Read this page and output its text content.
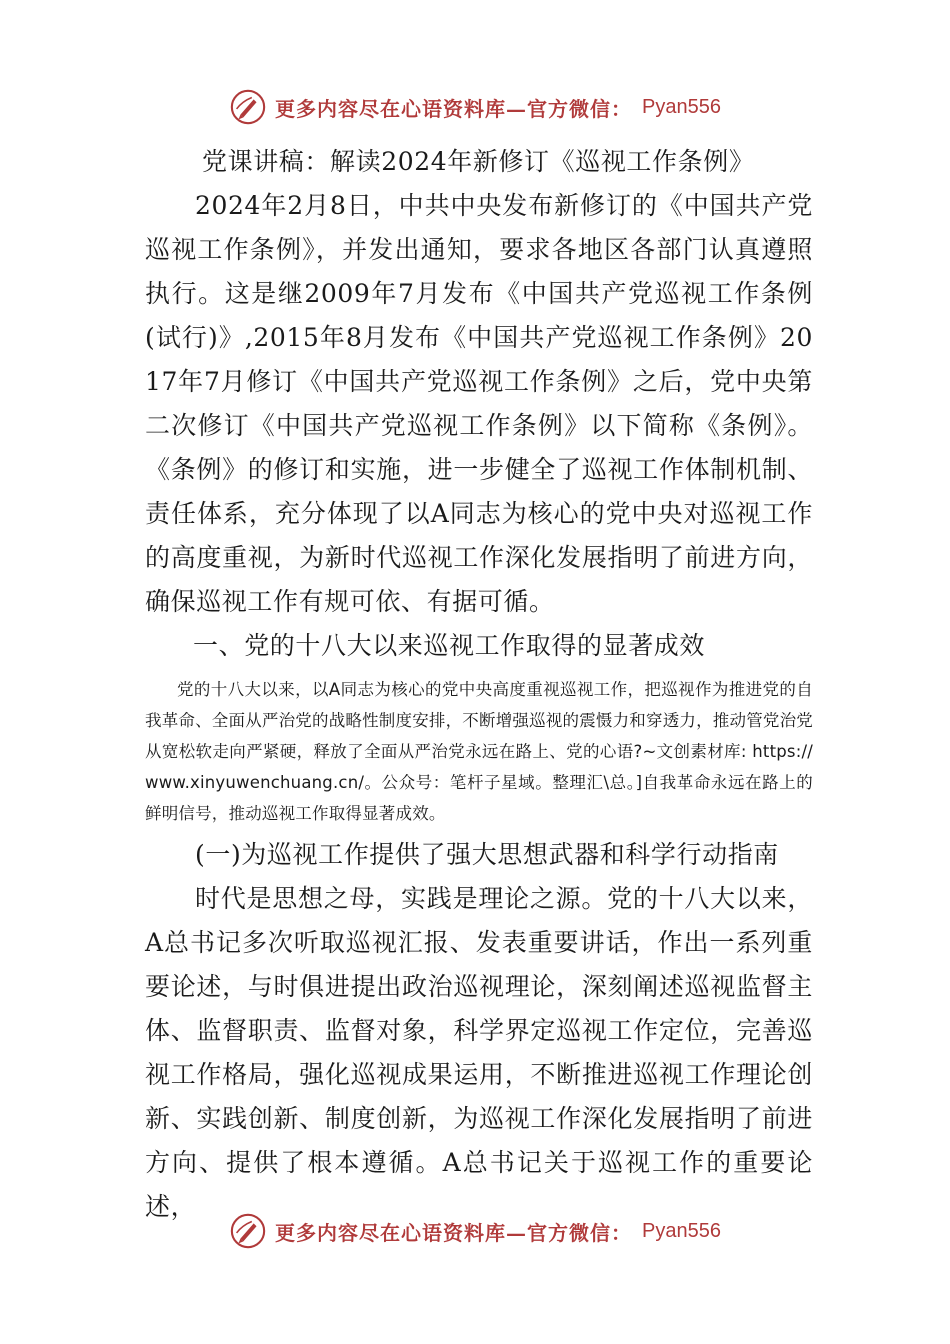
更多内容尽在心语资料库—官方微信： Pyan556

党课讲稿：解读2024年新修订《巡视工作条例》

2024年2月8日，中共中央发布新修订的《中国共产党巡视工作条例》，并发出通知，要求各地区各部门认真遵照执行。这是继2009年7月发布《中国共产党巡视工作条例(试行)》,2015年8月发布《中国共产党巡视工作条例》2017年7月修订《中国共产党巡视工作条例》之后，党中央第二次修订《中国共产党巡视工作条例》以下简称《条例》。《条例》的修订和实施，进一步健全了巡视工作体制机制、责任体系，充分体现了以A同志为核心的党中央对巡视工作的高度重视，为新时代巡视工作深化发展指明了前进方向，确保巡视工作有规可依、有据可循。

一、党的十八大以来巡视工作取得的显著成效

党的十八大以来，以A同志为核心的党中央高度重视巡视工作，把巡视作为推进党的自我革命、全面从严治党的战略性制度安排，不断增强巡视的震慑力和穿透力，推动管党治党从宽松软走向严紧硬，释放了全面从严治党永远在路上、党的心语?~文创素材库: https://www.xinyuwenchuang.cn/。公众号：笔杆子星域。整理汇\总。]自我革命永远在路上的鲜明信号，推动巡视工作取得显著成效。

(一)为巡视工作提供了强大思想武器和科学行动指南

时代是思想之母，实践是理论之源。党的十八大以来，A总书记多次听取巡视汇报、发表重要讲话，作出一系列重要论述，与时俱进提出政治巡视理论，深刻阐述巡视监督主体、监督职责、监督对象，科学界定巡视工作定位，完善巡视工作格局，强化巡视成果运用，不断推进巡视工作理论创新、实践创新、制度创新，为巡视工作深化发展指明了前进方向、提供了根本遵循。A总书记关于巡视工作的重要论述，

更多内容尽在心语资料库—官方微信： Pyan556
